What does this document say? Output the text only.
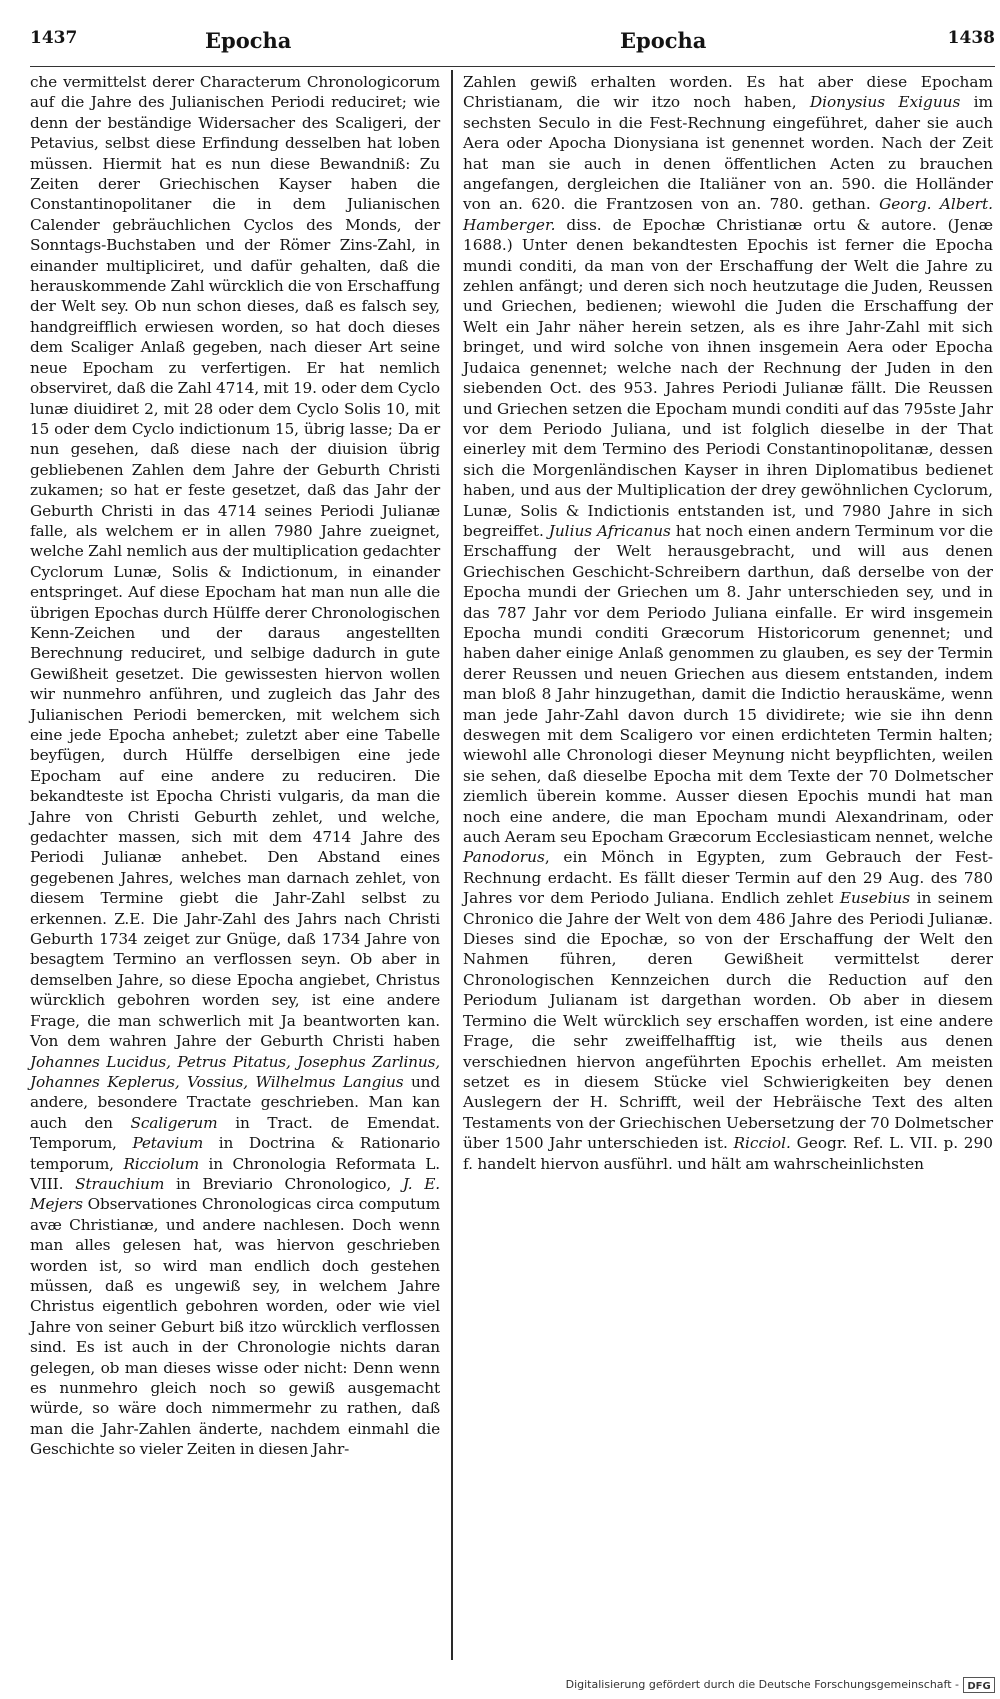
1437	Epocha	Epocha	1438

che vermittelst derer Characterum Chronologicorum auf die Jahre des Julianischen Periodi reduciret; wie denn der beständige Widersacher des Scaligeri, der Petavius, selbst diese Erfindung desselben hat loben müssen. Hiermit hat es nun diese Bewandniß: Zu Zeiten derer Griechischen Kayser haben die Constantinopolitaner die in dem Julianischen Calender gebräuchlichen Cyclos des Monds, der Sonntags-Buchstaben und der Römer Zins-Zahl, in einander multipliciret, und dafür gehalten, daß die herauskommende Zahl würcklich die von Erschaffung der Welt sey. Ob nun schon dieses, daß es falsch sey, handgreifflich erwiesen worden, so hat doch dieses dem Scaliger Anlaß gegeben, nach dieser Art seine neue Epocham zu verfertigen. Er hat nemlich observiret, daß die Zahl 4714, mit 19. oder dem Cyclo lunæ diuidiret 2, mit 28 oder dem Cyclo Solis 10, mit 15 oder dem Cyclo indictionum 15, übrig lasse; Da er nun gesehen, daß diese nach der diuision übrig gebliebenen Zahlen dem Jahre der Geburth Christi zukamen; so hat er feste gesetzet, daß das Jahr der Geburth Christi in das 4714 seines Periodi Julianæ falle, als welchem er in allen 7980 Jahre zueignet, welche Zahl nemlich aus der multiplication gedachter Cyclorum Lunæ, Solis & Indictionum, in einander entspringet. Auf diese Epocham hat man nun alle die übrigen Epochas durch Hülffe derer Chronologischen Kenn-Zeichen und der daraus angestellten Berechnung reduciret, und selbige dadurch in gute Gewißheit gesetzet. Die gewissesten hiervon wollen wir nunmehro anführen, und zugleich das Jahr des Julianischen Periodi bemercken, mit welchem sich eine jede Epocha anhebet; zuletzt aber eine Tabelle beyfügen, durch Hülffe derselbigen eine jede Epocham auf eine andere zu reduciren. Die bekandteste ist Epocha Christi vulgaris, da man die Jahre von Christi Geburth zehlet, und welche, gedachter massen, sich mit dem 4714 Jahre des Periodi Julianæ anhebet. Den Abstand eines gegebenen Jahres, welches man darnach zehlet, von diesem Termine giebt die Jahr-Zahl selbst zu erkennen. Z.E. Die Jahr-Zahl des Jahrs nach Christi Geburth 1734 zeiget zur Gnüge, daß 1734 Jahre von besagtem Termino an verflossen seyn. Ob aber in demselben Jahre, so diese Epocha angiebet, Christus würcklich gebohren worden sey, ist eine andere Frage, die man schwerlich mit Ja beantworten kan. Von dem wahren Jahre der Geburth Christi haben Johannes Lucidus, Petrus Pitatus, Josephus Zarlinus, Johannes Keplerus, Vossius, Wilhelmus Langius und andere, besondere Tractate geschrieben. Man kan auch den Scaligerum in Tract. de Emendat. Temporum, Petavium in Doctrina & Rationario temporum, Ricciolum in Chronologia Reformata L. VIII. Strauchium in Breviario Chronologico, J. E. Mejers Observationes Chronologicas circa computum avæ Christianæ, und andere nachlesen. Doch wenn man alles gelesen hat, was hiervon geschrieben worden ist, so wird man endlich doch gestehen müssen, daß es ungewiß sey, in welchem Jahre Christus eigentlich gebohren worden, oder wie viel Jahre von seiner Geburt biß itzo würcklich verflossen sind. Es ist auch in der Chronologie nichts daran gelegen, ob man dieses wisse oder nicht: Denn wenn es nunmehro gleich noch so gewiß ausgemacht würde, so wäre doch nimmermehr zu rathen, daß man die Jahr-Zahlen änderte, nachdem einmahl die Geschichte so vieler Zeiten in diesen Jahr-

Zahlen gewiß erhalten worden. Es hat aber diese Epocham Christianam, die wir itzo noch haben, Dionysius Exiguus im sechsten Seculo in die Fest-Rechnung eingeführet, daher sie auch Aera oder Apocha Dionysiana ist genennet worden. Nach der Zeit hat man sie auch in denen öffentlichen Acten zu brauchen angefangen, dergleichen die Italiäner von an. 590. die Holländer von an. 620. die Frantzosen von an. 780. gethan. Georg. Albert. Hamberger. diss. de Epochæ Christianæ ortu & autore. (Jenæ 1688.) Unter denen bekandtesten Epochis ist ferner die Epocha mundi conditi, da man von der Erschaffung der Welt die Jahre zu zehlen anfängt; und deren sich noch heutzutage die Juden, Reussen und Griechen, bedienen; wiewohl die Juden die Erschaffung der Welt ein Jahr näher herein setzen, als es ihre Jahr-Zahl mit sich bringet, und wird solche von ihnen insgemein Aera oder Epocha Judaica genennet; welche nach der Rechnung der Juden in den siebenden Oct. des 953. Jahres Periodi Julianæ fällt. Die Reussen und Griechen setzen die Epocham mundi conditi auf das 795ste Jahr vor dem Periodo Juliana, und ist folglich dieselbe in der That einerley mit dem Termino des Periodi Constantinopolitanæ, dessen sich die Morgenländischen Kayser in ihren Diplomatibus bedienet haben, und aus der Multiplication der drey gewöhnlichen Cyclorum, Lunæ, Solis & Indictionis entstanden ist, und 7980 Jahre in sich begreiffet. Julius Africanus hat noch einen andern Terminum vor die Erschaffung der Welt herausgebracht, und will aus denen Griechischen Geschicht-Schreibern darthun, daß derselbe von der Epocha mundi der Griechen um 8. Jahr unterschieden sey, und in das 787 Jahr vor dem Periodo Juliana einfalle. Er wird insgemein Epocha mundi conditi Græcorum Historicorum genennet; und haben daher einige Anlaß genommen zu glauben, es sey der Termin derer Reussen und neuen Griechen aus diesem entstanden, indem man bloß 8 Jahr hinzugethan, damit die Indictio herauskäme, wenn man jede Jahr-Zahl davon durch 15 dividirete; wie sie ihn denn deswegen mit dem Scaligero vor einen erdichteten Termin halten; wiewohl alle Chronologi dieser Meynung nicht beypflichten, weilen sie sehen, daß dieselbe Epocha mit dem Texte der 70 Dolmetscher ziemlich überein komme. Ausser diesen Epochis mundi hat man noch eine andere, die man Epocham mundi Alexandrinam, oder auch Aeram seu Epocham Græcorum Ecclesiasticam nennet, welche Panodorus, ein Mönch in Egypten, zum Gebrauch der Fest-Rechnung erdacht. Es fällt dieser Termin auf den 29 Aug. des 780 Jahres vor dem Periodo Juliana. Endlich zehlet Eusebius in seinem Chronico die Jahre der Welt von dem 486 Jahre des Periodi Julianæ. Dieses sind die Epochæ, so von der Erschaffung der Welt den Nahmen führen, deren Gewißheit vermittelst derer Chronologischen Kennzeichen durch die Reduction auf den Periodum Julianam ist dargethan worden. Ob aber in diesem Termino die Welt würcklich sey erschaffen worden, ist eine andere Frage, die sehr zweiffelhafftig ist, wie theils aus denen verschiednen hiervon angeführten Epochis erhellet. Am meisten setzet es in diesem Stücke viel Schwierigkeiten bey denen Auslegern der H. Schrifft, weil der Hebräische Text des alten Testaments von der Griechischen Uebersetzung der 70 Dolmetscher über 1500 Jahr unterschieden ist. Ricciol. Geogr. Ref. L. VII. p. 290 f. handelt hiervon ausführl. und hält am wahrscheinlichsten

Digitalisierung gefördert durch die Deutsche Forschungsgemeinschaft - DFG
